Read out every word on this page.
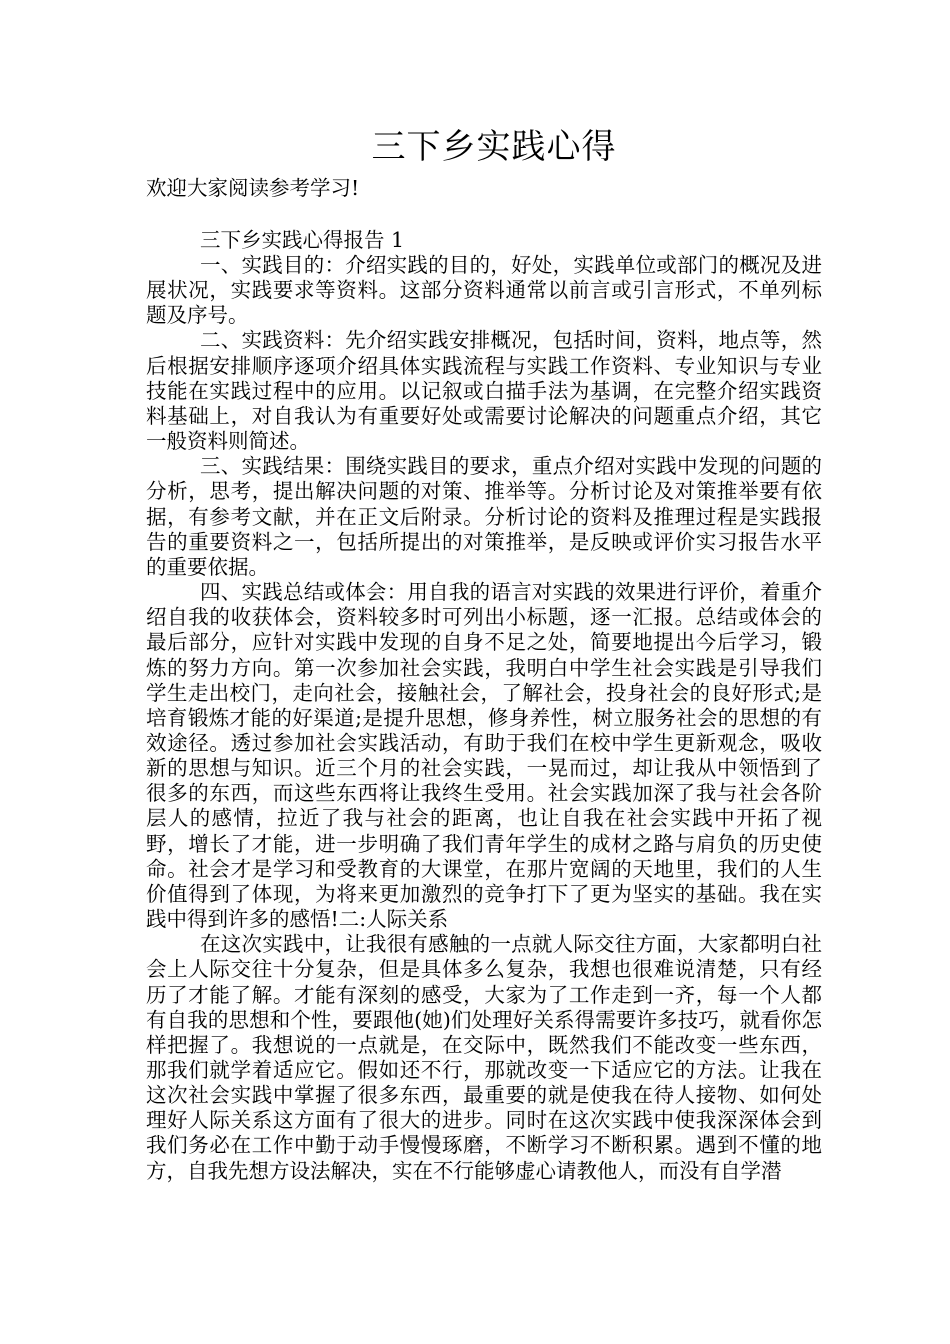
三下乡实践心得

欢迎大家阅读参考学习!

三下乡实践心得报告 1

一、实践目的：介绍实践的目的，好处，实践单位或部门的概况及进展状况，实践要求等资料。这部分资料通常以前言或引言形式，不单列标题及序号。

二、实践资料：先介绍实践安排概况，包括时间，资料，地点等，然后根据安排顺序逐项介绍具体实践流程与实践工作资料、专业知识与专业技能在实践过程中的应用。以记叙或白描手法为基调，在完整介绍实践资料基础上，对自我认为有重要好处或需要讨论解决的问题重点介绍，其它一般资料则简述。

三、实践结果：围绕实践目的要求，重点介绍对实践中发现的问题的分析，思考，提出解决问题的对策、推举等。分析讨论及对策推举要有依据，有参考文献，并在正文后附录。分析讨论的资料及推理过程是实践报告的重要资料之一，包括所提出的对策推举，是反映或评价实习报告水平的重要依据。

四、实践总结或体会：用自我的语言对实践的效果进行评价，着重介绍自我的收获体会，资料较多时可列出小标题，逐一汇报。总结或体会的最后部分，应针对实践中发现的自身不足之处，简要地提出今后学习，锻炼的努力方向。第一次参加社会实践，我明白中学生社会实践是引导我们学生走出校门，走向社会，接触社会，了解社会，投身社会的良好形式;是培育锻炼才能的好渠道;是提升思想，修身养性，树立服务社会的思想的有效途径。透过参加社会实践活动，有助于我们在校中学生更新观念，吸收新的思想与知识。近三个月的社会实践，一晃而过，却让我从中领悟到了很多的东西，而这些东西将让我终生受用。社会实践加深了我与社会各阶层人的感情，拉近了我与社会的距离，也让自我在社会实践中开拓了视野，增长了才能，进一步明确了我们青年学生的成材之路与肩负的历史使命。社会才是学习和受教育的大课堂，在那片宽阔的天地里，我们的人生价值得到了体现，为将来更加激烈的竞争打下了更为坚实的基础。我在实践中得到许多的感悟!二:人际关系

在这次实践中，让我很有感触的一点就人际交往方面，大家都明白社会上人际交往十分复杂，但是具体多么复杂，我想也很难说清楚，只有经历了才能了解。才能有深刻的感受，大家为了工作走到一齐，每一个人都有自我的思想和个性，要跟他(她)们处理好关系得需要许多技巧，就看你怎样把握了。我想说的一点就是，在交际中，既然我们不能改变一些东西，那我们就学着适应它。假如还不行，那就改变一下适应它的方法。让我在这次社会实践中掌握了很多东西，最重要的就是使我在待人接物、如何处理好人际关系这方面有了很大的进步。同时在这次实践中使我深深体会到我们务必在工作中勤于动手慢慢琢磨，不断学习不断积累。遇到不懂的地方，自我先想方设法解决，实在不行能够虚心请教他人，而没有自学潜
